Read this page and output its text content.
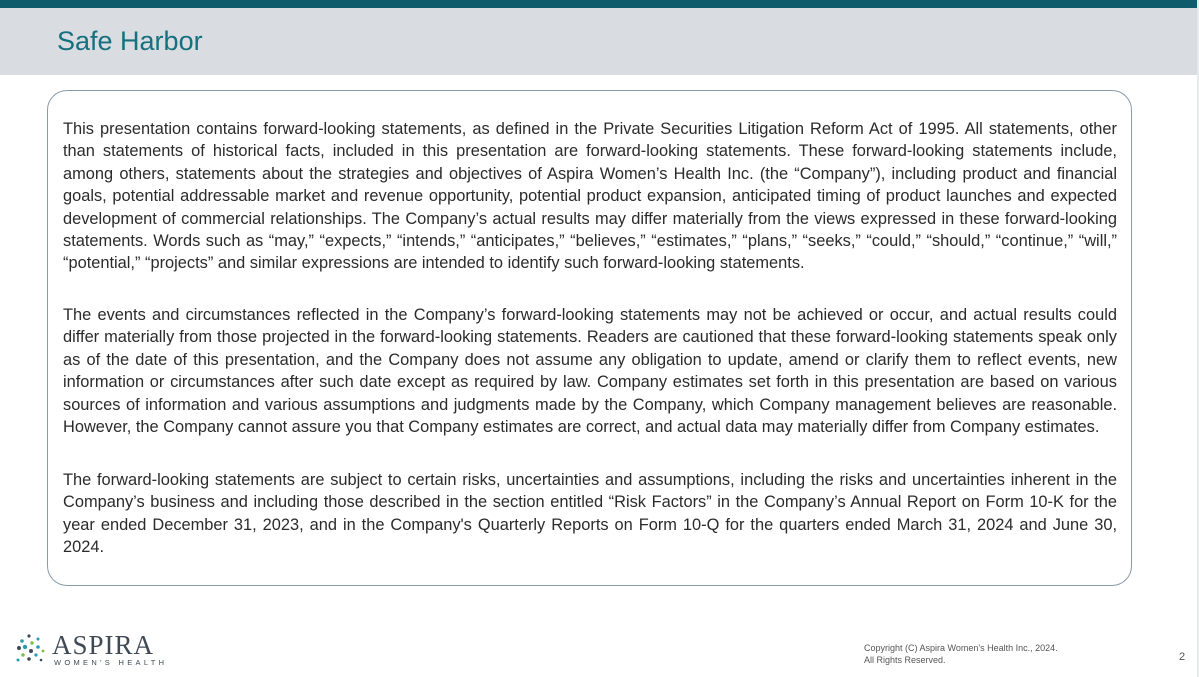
Safe Harbor

This presentation contains forward-looking statements, as defined in the Private Securities Litigation Reform Act of 1995. All statements, other than statements of historical facts, included in this presentation are forward-looking statements. These forward-looking statements include, among others, statements about the strategies and objectives of Aspira Women’s Health Inc. (the “Company”), including product and financial goals, potential addressable market and revenue opportunity, potential product expansion, anticipated timing of product launches and expected development of commercial relationships. The Company’s actual results may differ materially from the views expressed in these forward-looking statements. Words such as “may,” “expects,” “intends,” “anticipates,” “believes,” “estimates,” “plans,” “seeks,” “could,” “should,” “continue,” “will,” “potential,” “projects” and similar expressions are intended to identify such forward-looking statements.

The events and circumstances reflected in the Company’s forward-looking statements may not be achieved or occur, and actual results could differ materially from those projected in the forward-looking statements. Readers are cautioned that these forward-looking statements speak only as of the date of this presentation, and the Company does not assume any obligation to update, amend or clarify them to reflect events, new information or circumstances after such date except as required by law. Company estimates set forth in this presentation are based on various sources of information and various assumptions and judgments made by the Company, which Company management believes are reasonable. However, the Company cannot assure you that Company estimates are correct, and actual data may materially differ from Company estimates.

The forward-looking statements are subject to certain risks, uncertainties and assumptions, including the risks and uncertainties inherent in the Company’s business and including those described in the section entitled “Risk Factors” in the Company’s Annual Report on Form 10-K for the year ended December 31, 2023, and in the Company's Quarterly Reports on Form 10-Q for the quarters ended March 31, 2024 and June 30, 2024.

ASPIRA
WOMEN'S HEALTH
Copyright (C) Aspira Women's Health Inc., 2024.
All Rights Reserved.	2
